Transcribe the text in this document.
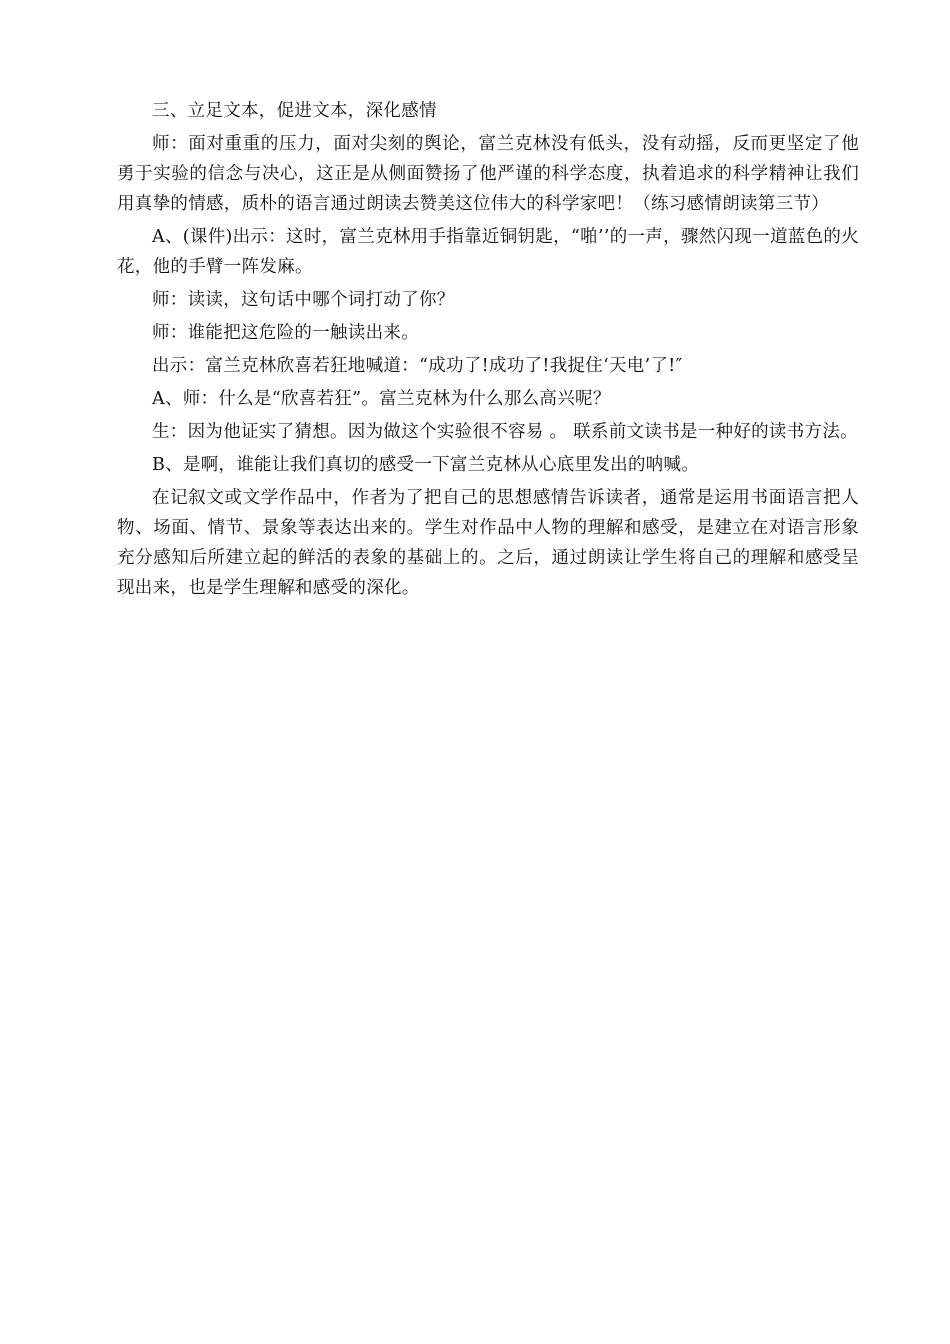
三、立足文本，促进文本，深化感情

师：面对重重的压力，面对尖刻的舆论，富兰克林没有低头，没有动摇，反而更坚定了他勇于实验的信念与决心，这正是从侧面赞扬了他严谨的科学态度，执着追求的科学精神让我们用真挚的情感，质朴的语言通过朗读去赞美这位伟大的科学家吧！（练习感情朗读第三节）

A、(课件)出示：这时，富兰克林用手指靠近铜钥匙，“啪’’的一声，骤然闪现一道蓝色的火花，他的手臂一阵发麻。

师：读读，这句话中哪个词打动了你？

师：谁能把这危险的一触读出来。

出示：富兰克林欣喜若狂地喊道：“成功了!成功了!我捉住‘天电’了!″

A、师：什么是“欣喜若狂”。富兰克林为什么那么高兴呢？

生：因为他证实了猜想。因为做这个实验很不容易 。 联系前文读书是一种好的读书方法。

B、是啊，谁能让我们真切的感受一下富兰克林从心底里发出的呐喊。

在记叙文或文学作品中，作者为了把自己的思想感情告诉读者，通常是运用书面语言把人物、场面、情节、景象等表达出来的。学生对作品中人物的理解和感受，是建立在对语言形象充分感知后所建立起的鲜活的表象的基础上的。之后，通过朗读让学生将自己的理解和感受呈现出来，也是学生理解和感受的深化。
